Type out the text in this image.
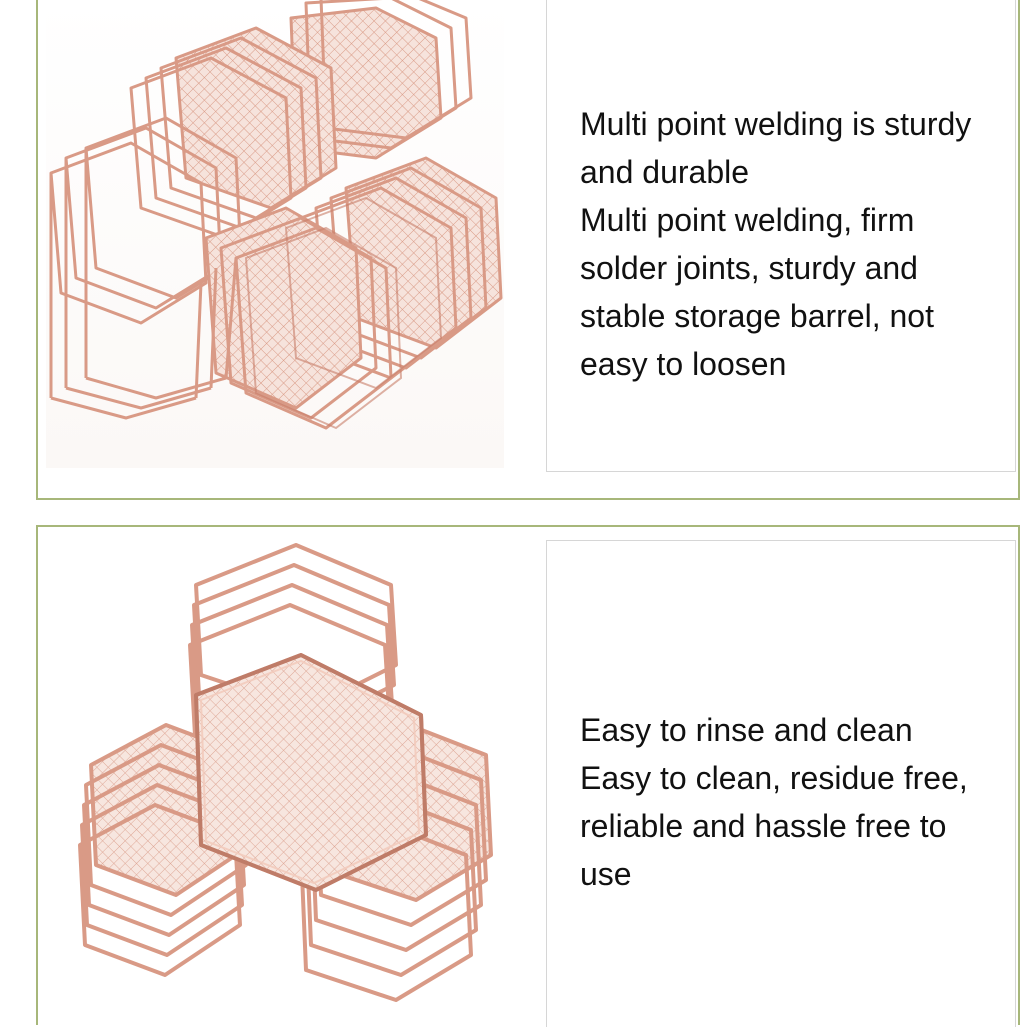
Multi point welding is sturdy and durable

Multi point welding, firm solder joints, sturdy and stable storage barrel, not easy to loosen

Easy to rinse and clean

Easy to clean, residue free, reliable and hassle free to use
